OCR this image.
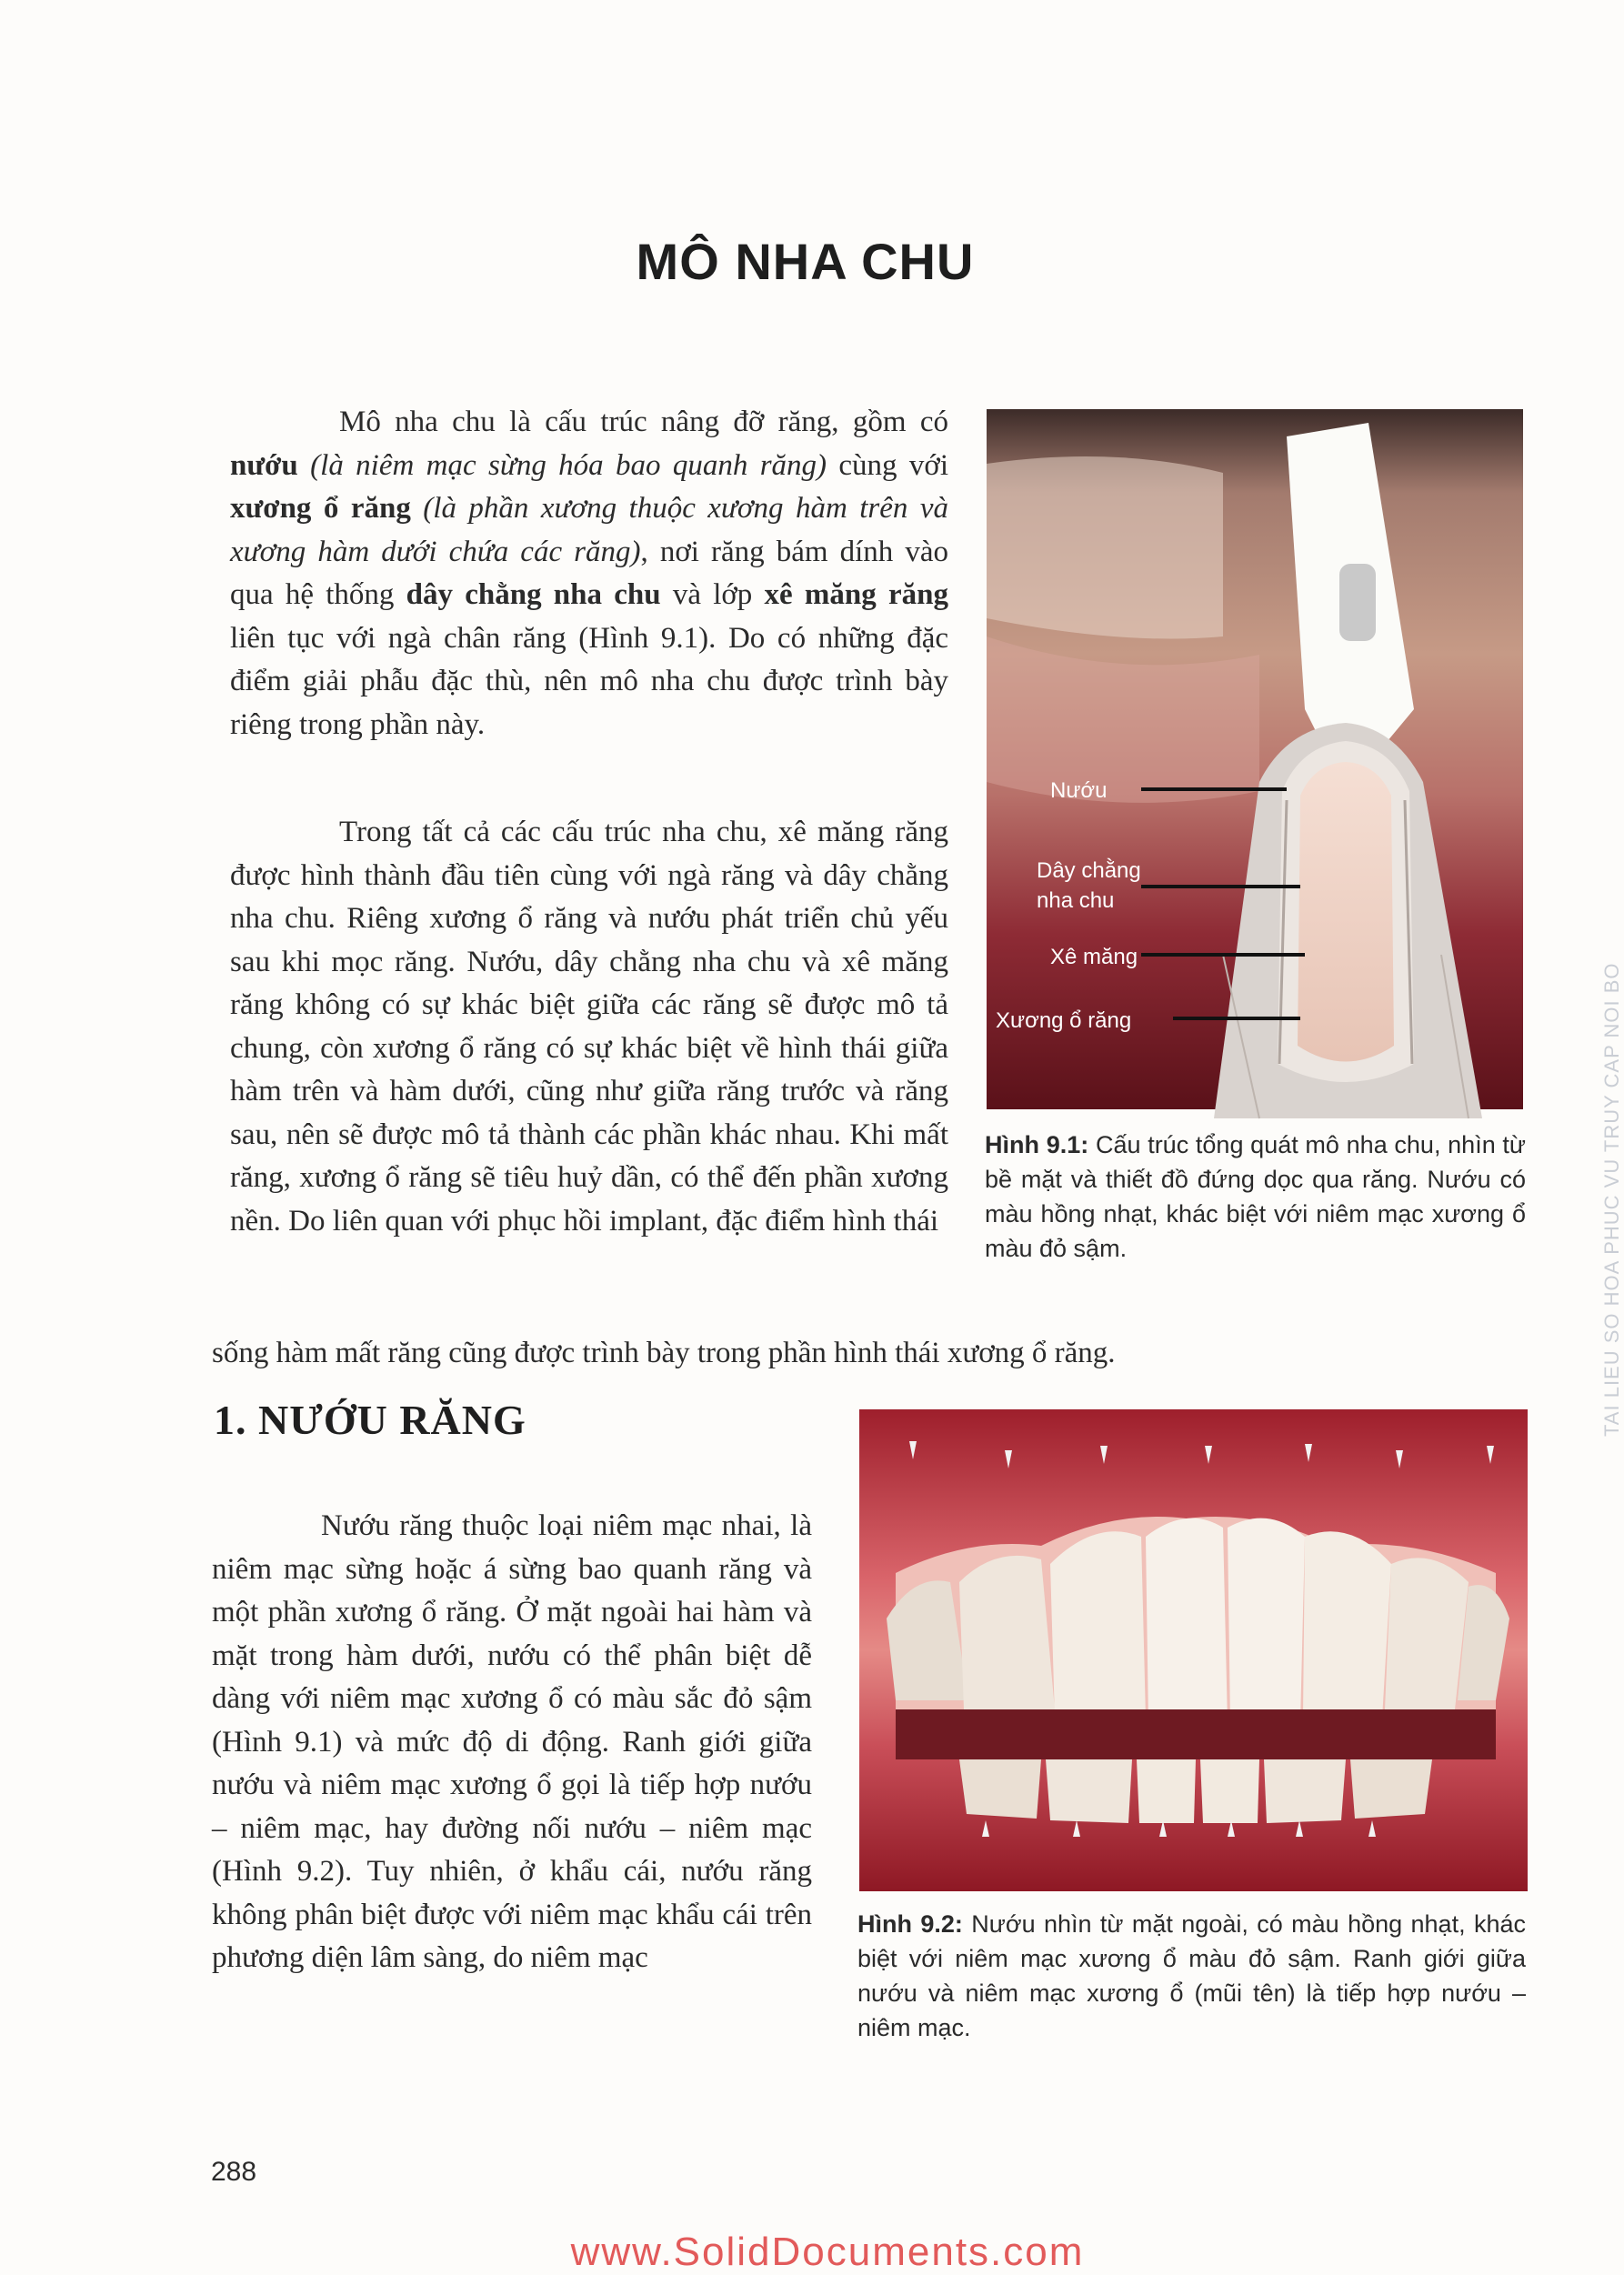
MÔ NHA CHU

Mô nha chu là cấu trúc nâng đỡ răng, gồm có nướu (là niêm mạc sừng hóa bao quanh răng) cùng với xương ổ răng (là phần xương thuộc xương hàm trên và xương hàm dưới chứa các răng), nơi răng bám dính vào qua hệ thống dây chằng nha chu và lớp xê măng răng liên tục với ngà chân răng (Hình 9.1). Do có những đặc điểm giải phẫu đặc thù, nên mô nha chu được trình bày riêng trong phần này.

Trong tất cả các cấu trúc nha chu, xê măng răng được hình thành đầu tiên cùng với ngà răng và dây chằng nha chu. Riêng xương ổ răng và nướu phát triển chủ yếu sau khi mọc răng. Nướu, dây chằng nha chu và xê măng răng không có sự khác biệt giữa các răng sẽ được mô tả chung, còn xương ổ răng có sự khác biệt về hình thái giữa hàm trên và hàm dưới, cũng như giữa răng trước và răng sau, nên sẽ được mô tả thành các phần khác nhau. Khi mất răng, xương ổ răng sẽ tiêu huỷ dần, có thể đến phần xương nền. Do liên quan với phục hồi implant, đặc điểm hình thái

sống hàm mất răng cũng được trình bày trong phần hình thái xương ổ răng.

Nướu
Dây chằng
nha chu
Xê măng
Xương ổ răng

Hình 9.1: Cấu trúc tổng quát mô nha chu, nhìn từ bề mặt và thiết đồ đứng dọc qua răng. Nướu có màu hồng nhạt, khác biệt với niêm mạc xương ổ màu đỏ sậm.

1. NƯỚU RĂNG

Nướu răng thuộc loại niêm mạc nhai, là niêm mạc sừng hoặc á sừng bao quanh răng và một phần xương ổ răng. Ở mặt ngoài hai hàm và mặt trong hàm dưới, nướu có thể phân biệt dễ dàng với niêm mạc xương ổ có màu sắc đỏ sậm (Hình 9.1) và mức độ di động. Ranh giới giữa nướu và niêm mạc xương ổ gọi là tiếp hợp nướu – niêm mạc, hay đường nối nướu – niêm mạc (Hình 9.2). Tuy nhiên, ở khẩu cái, nướu răng không phân biệt được với niêm mạc khẩu cái trên phương diện lâm sàng, do niêm mạc

Hình 9.2: Nướu nhìn từ mặt ngoài, có màu hồng nhạt, khác biệt với niêm mạc xương ổ màu đỏ sậm. Ranh giới giữa nướu và niêm mạc xương ổ (mũi tên) là tiếp hợp nướu – niêm mạc.

288
TAI LIEU SO HOA PHUC VU TRUY CAP NOI BO
www.SolidDocuments.com
